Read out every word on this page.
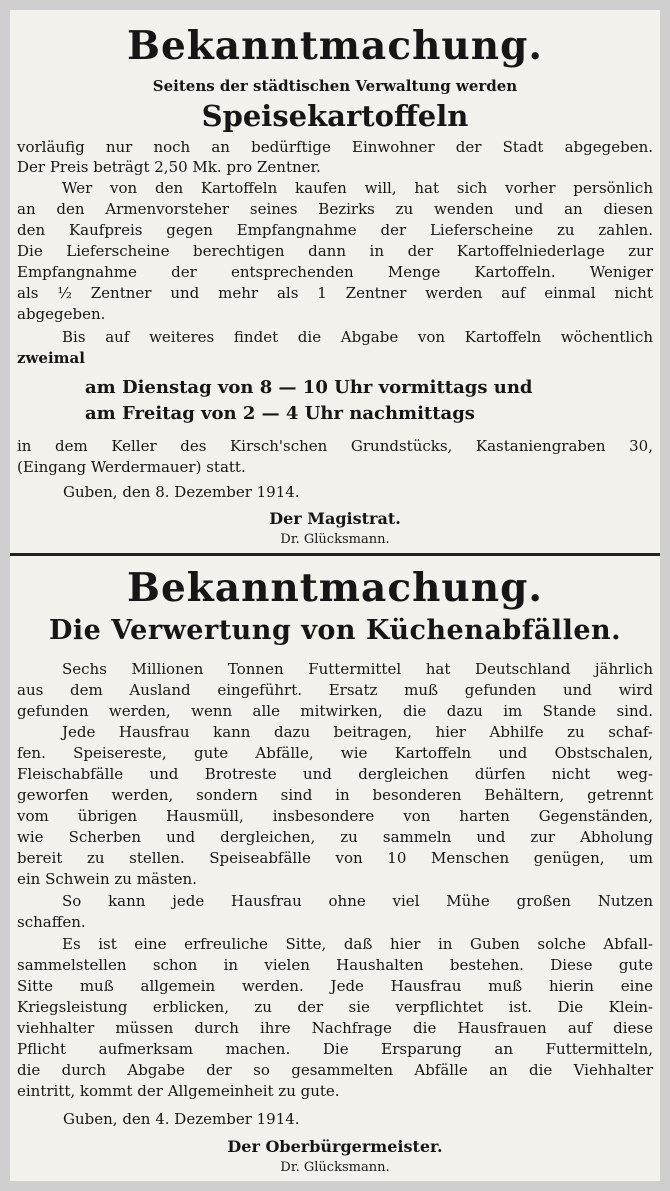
Bekanntmachung.
Seitens der städtischen Verwaltung werden
Speisekartoffeln
vorläufig nur noch an bedürftige Einwohner der Stadt abgegeben.
Der Preis beträgt 2,50 Mk. pro Zentner.
Wer von den Kartoffeln kaufen will, hat sich vorher persönlich
an den Armenvorsteher seines Bezirks zu wenden und an diesen
den Kaufpreis gegen Empfangnahme der Lieferscheine zu zahlen.
Die Lieferscheine berechtigen dann in der Kartoffelniederlage zur
Empfangnahme der entsprechenden Menge Kartoffeln. Weniger
als ½ Zentner und mehr als 1 Zentner werden auf einmal nicht
abgegeben.
Bis auf weiteres findet die Abgabe von Kartoffeln wöchentlich
zweimal
am Dienstag von 8 — 10 Uhr vormittags und
am Freitag von 2 — 4 Uhr nachmittags
in dem Keller des Kirsch'schen Grundstücks, Kastaniengraben 30,
(Eingang Werdermauer) statt.
Guben, den 8. Dezember 1914.
Der Magistrat.
Dr. Glücksmann.
Bekanntmachung.
Die Verwertung von Küchenabfällen.
Sechs Millionen Tonnen Futtermittel hat Deutschland jährlich
aus dem Ausland eingeführt. Ersatz muß gefunden und wird
gefunden werden, wenn alle mitwirken, die dazu im Stande sind.
Jede Hausfrau kann dazu beitragen, hier Abhilfe zu schaf-
fen. Speisereste, gute Abfälle, wie Kartoffeln und Obstschalen,
Fleischabfälle und Brotreste und dergleichen dürfen nicht weg-
geworfen werden, sondern sind in besonderen Behältern, getrennt
vom übrigen Hausmüll, insbesondere von harten Gegenständen,
wie Scherben und dergleichen, zu sammeln und zur Abholung
bereit zu stellen. Speiseabfälle von 10 Menschen genügen, um
ein Schwein zu mästen.
So kann jede Hausfrau ohne viel Mühe großen Nutzen
schaffen.
Es ist eine erfreuliche Sitte, daß hier in Guben solche Abfall-
sammelstellen schon in vielen Haushalten bestehen. Diese gute
Sitte muß allgemein werden. Jede Hausfrau muß hierin eine
Kriegsleistung erblicken, zu der sie verpflichtet ist. Die Klein-
viehhalter müssen durch ihre Nachfrage die Hausfrauen auf diese
Pflicht aufmerksam machen. Die Ersparung an Futtermitteln,
die durch Abgabe der so gesammelten Abfälle an die Viehhalter
eintritt, kommt der Allgemeinheit zu gute.
Guben, den 4. Dezember 1914.
Der Oberbürgermeister.
Dr. Glücksmann.
